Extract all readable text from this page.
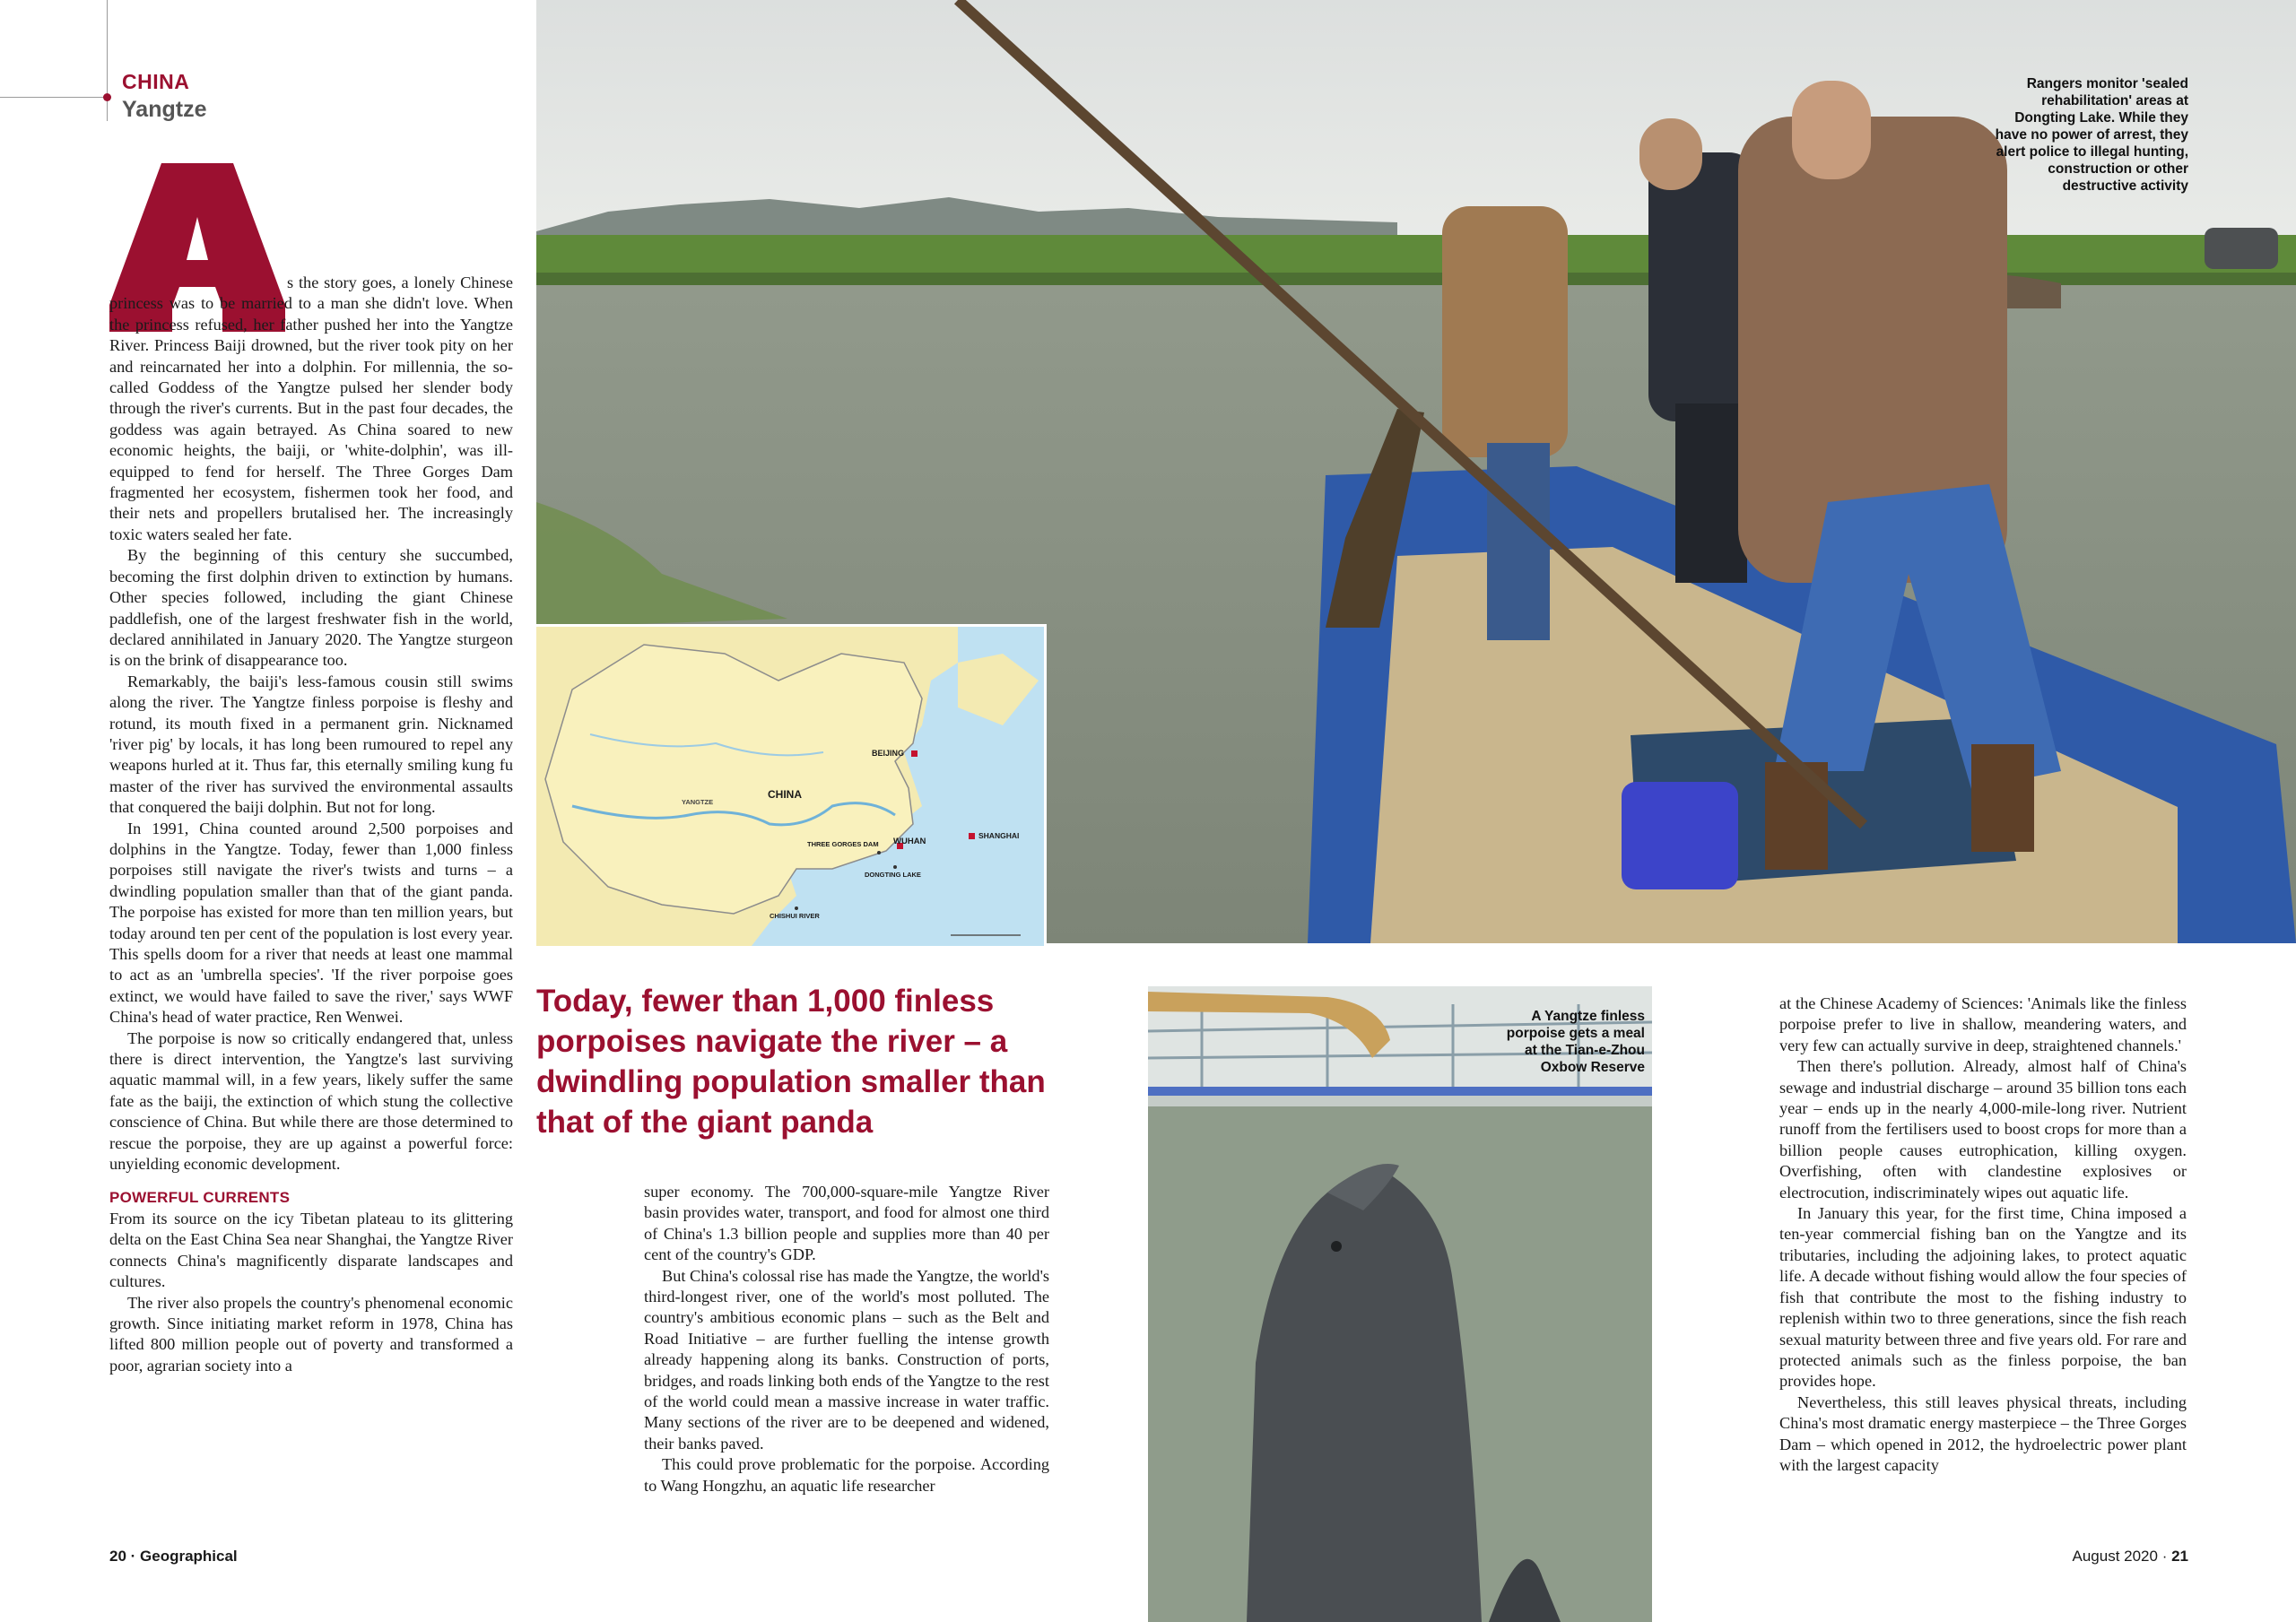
CHINA
Yangtze

s the story goes, a lonely Chinese princess was to be married to a man she didn't love. When the princess refused, her father pushed her into the Yangtze River. Princess Baiji drowned, but the river took pity on her and reincarnated her into a dolphin. For millennia, the so-called Goddess of the Yangtze pulsed her slender body through the river's currents. But in the past four decades, the goddess was again betrayed. As China soared to new economic heights, the baiji, or 'white-dolphin', was ill-equipped to fend for herself. The Three Gorges Dam fragmented her ecosystem, fishermen took her food, and their nets and propellers brutalised her. The increasingly toxic waters sealed her fate.

By the beginning of this century she succumbed, becoming the first dolphin driven to extinction by humans. Other species followed, including the giant Chinese paddlefish, one of the largest freshwater fish in the world, declared annihilated in January 2020. The Yangtze sturgeon is on the brink of disappearance too.

Remarkably, the baiji's less-famous cousin still swims along the river. The Yangtze finless porpoise is fleshy and rotund, its mouth fixed in a permanent grin. Nicknamed 'river pig' by locals, it has long been rumoured to repel any weapons hurled at it. Thus far, this eternally smiling kung fu master of the river has survived the environmental assaults that conquered the baiji dolphin. But not for long.

In 1991, China counted around 2,500 porpoises and dolphins in the Yangtze. Today, fewer than 1,000 finless porpoises still navigate the river's twists and turns – a dwindling population smaller than that of the giant panda. The porpoise has existed for more than ten million years, but today around ten per cent of the population is lost every year. This spells doom for a river that needs at least one mammal to act as an 'umbrella species'. 'If the river porpoise goes extinct, we would have failed to save the river,' says WWF China's head of water practice, Ren Wenwei.

The porpoise is now so critically endangered that, unless there is direct intervention, the Yangtze's last surviving aquatic mammal will, in a few years, likely suffer the same fate as the baiji, the extinction of which stung the collective conscience of China. But while there are those determined to rescue the porpoise, they are up against a powerful force: unyielding economic development.

POWERFUL CURRENTS

From its source on the icy Tibetan plateau to its glittering delta on the East China Sea near Shanghai, the Yangtze River connects China's magnificently disparate landscapes and cultures.

The river also propels the country's phenomenal economic growth. Since initiating market reform in 1978, China has lifted 800 million people out of poverty and transformed a poor, agrarian society into a

Rangers monitor 'sealed rehabilitation' areas at Dongting Lake. While they have no power of arrest, they alert police to illegal hunting, construction or other destructive activity
CHINA
BEIJING
YANGTZE
THREE GORGES DAM WUHAN
SHANGHAI
DONGTING LAKE
CHISHUI RIVER
Today, fewer than 1,000 finless porpoises navigate the river – a dwindling population smaller than that of the giant panda

super economy. The 700,000-square-mile Yangtze River basin provides water, transport, and food for almost one third of China's 1.3 billion people and supplies more than 40 per cent of the country's GDP.

But China's colossal rise has made the Yangtze, the world's third-longest river, one of the world's most polluted. The country's ambitious economic plans – such as the Belt and Road Initiative – are further fuelling the intense growth already happening along its banks. Construction of ports, bridges, and roads linking both ends of the Yangtze to the rest of the world could mean a massive increase in water traffic. Many sections of the river are to be deepened and widened, their banks paved.

This could prove problematic for the porpoise. According to Wang Hongzhu, an aquatic life researcher

A Yangtze finless porpoise gets a meal at the Tian-e-Zhou Oxbow Reserve

at the Chinese Academy of Sciences: 'Animals like the finless porpoise prefer to live in shallow, meandering waters, and very few can actually survive in deep, straightened channels.'

Then there's pollution. Already, almost half of China's sewage and industrial discharge – around 35 billion tons each year – ends up in the nearly 4,000-mile-long river. Nutrient runoff from the fertilisers used to boost crops for more than a billion people causes eutrophication, killing oxygen. Overfishing, often with clandestine explosives or electrocution, indiscriminately wipes out aquatic life.

In January this year, for the first time, China imposed a ten-year commercial fishing ban on the Yangtze and its tributaries, including the adjoining lakes, to protect aquatic life. A decade without fishing would allow the four species of fish that contribute the most to the fishing industry to replenish within two to three generations, since the fish reach sexual maturity between three and five years old. For rare and protected animals such as the finless porpoise, the ban provides hope.

Nevertheless, this still leaves physical threats, including China's most dramatic energy masterpiece – the Three Gorges Dam – which opened in 2012, the hydroelectric power plant with the largest capacity

20 · Geographical	August 2020 · 21
